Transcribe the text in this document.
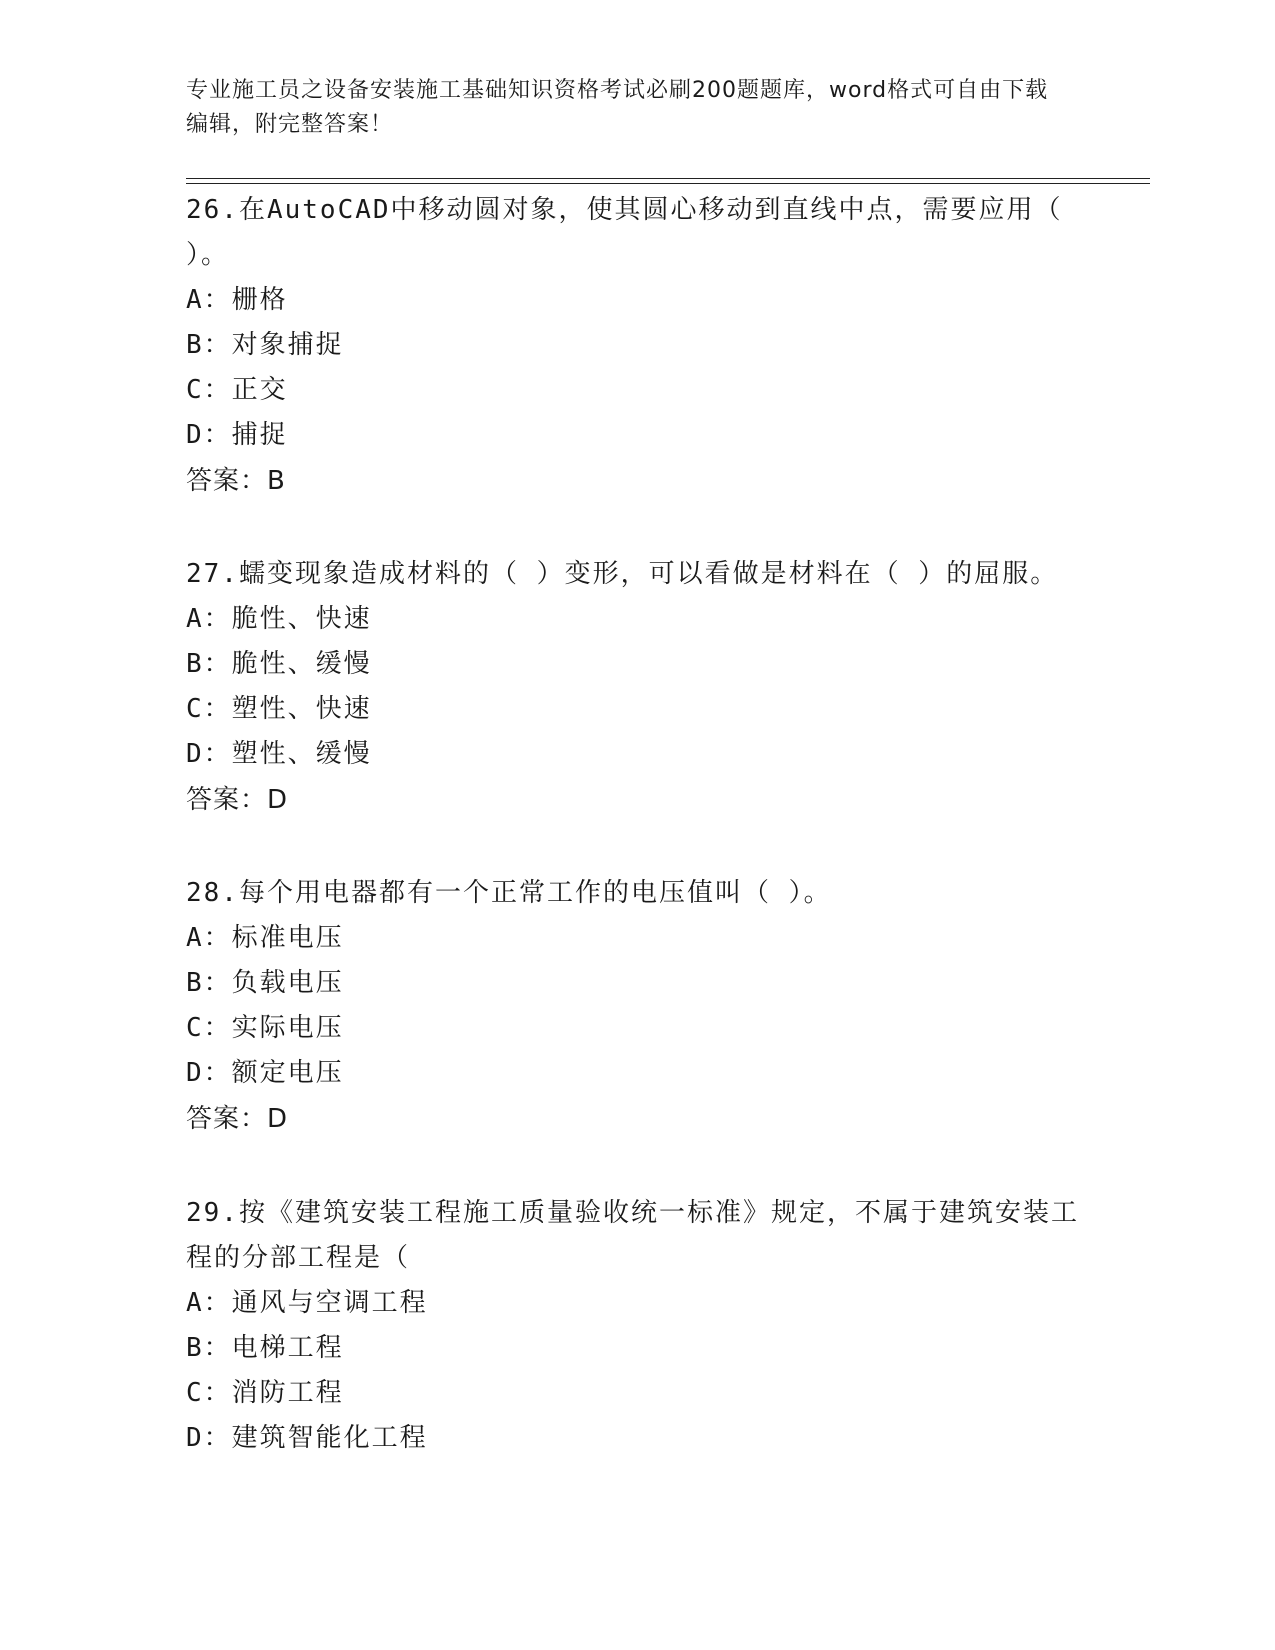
专业施工员之设备安装施工基础知识资格考试必刷200题题库，word格式可自由下载编辑，附完整答案！
26.在AutoCAD中移动圆对象，使其圆心移动到直线中点，需要应用（ ）。
A：栅格
B：对象捕捉
C：正交
D：捕捉
答案：B
27.蠕变现象造成材料的（ ）变形，可以看做是材料在（ ）的屈服。
A：脆性、快速
B：脆性、缓慢
C：塑性、快速
D：塑性、缓慢
答案：D
28.每个用电器都有一个正常工作的电压值叫（ ）。
A：标准电压
B：负载电压
C：实际电压
D：额定电压
答案：D
29.按《建筑安装工程施工质量验收统一标准》规定，不属于建筑安装工程的分部工程是（
A：通风与空调工程
B：电梯工程
C：消防工程
D：建筑智能化工程
